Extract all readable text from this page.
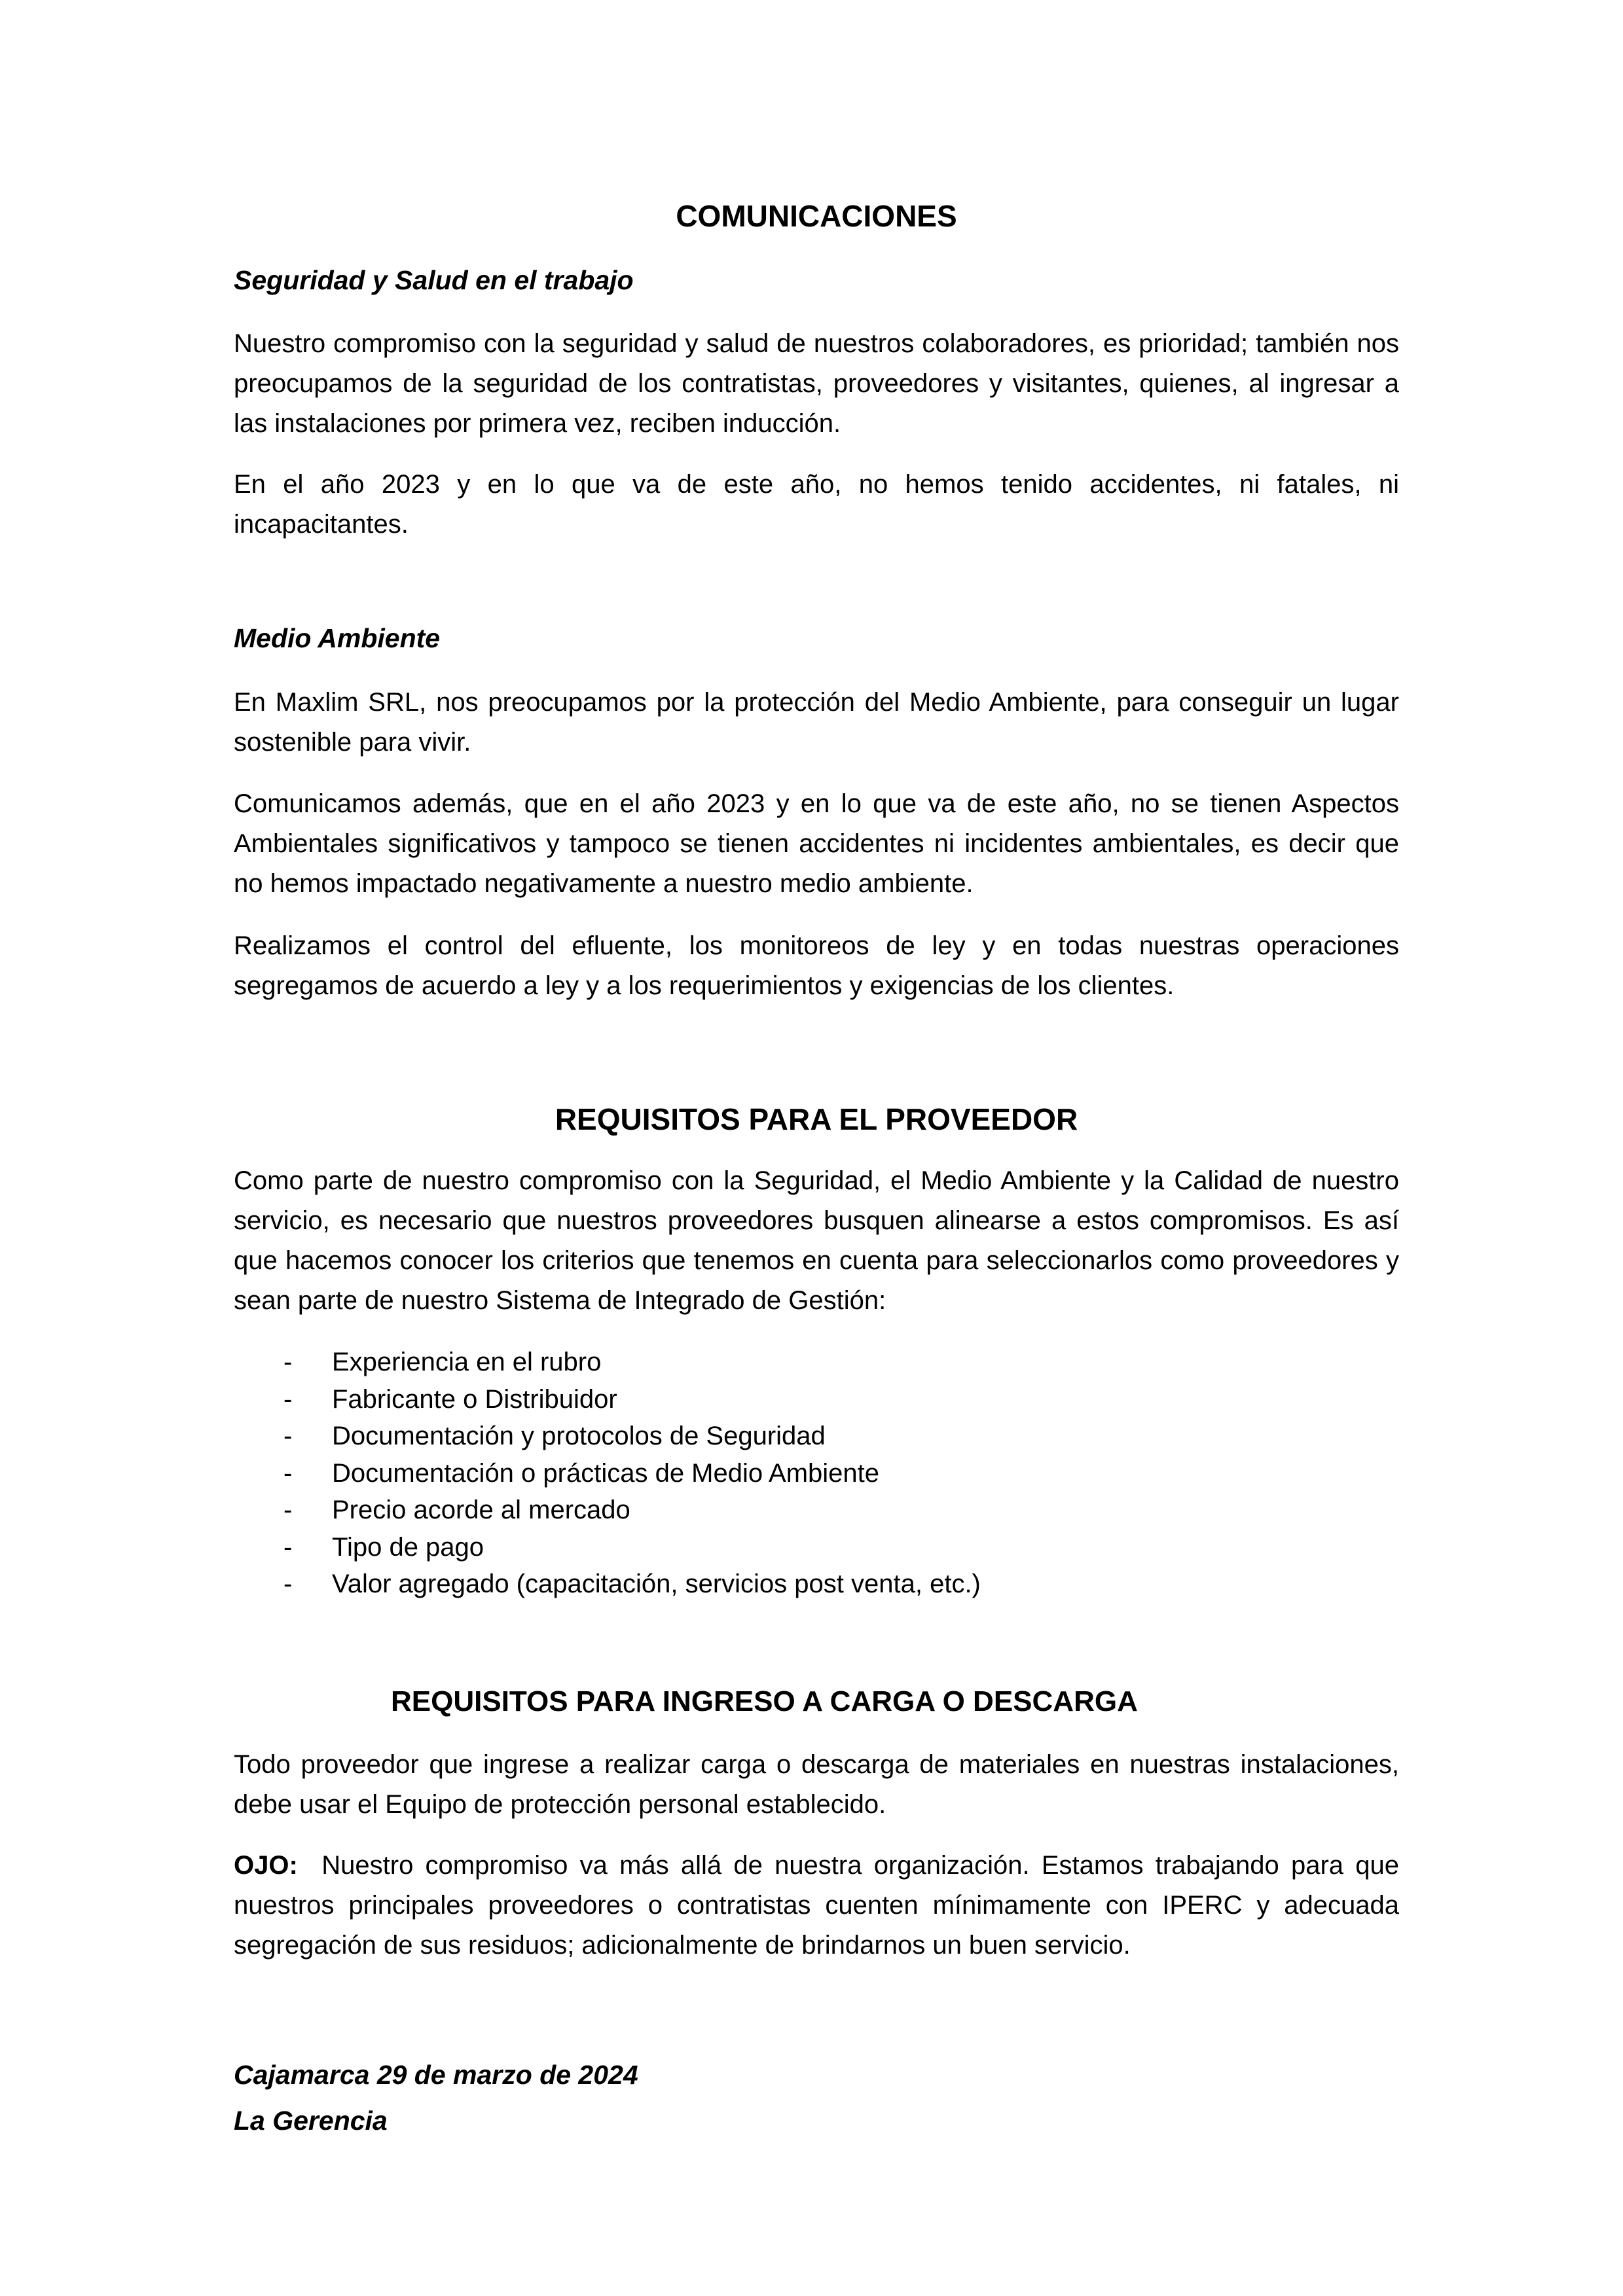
COMUNICACIONES
Seguridad y Salud en el trabajo

Nuestro compromiso con la seguridad y salud de nuestros colaboradores, es prioridad; también nos preocupamos de la seguridad de los contratistas, proveedores y visitantes, quienes, al ingresar a las instalaciones por primera vez, reciben inducción.

En el año 2023 y en lo que va de este año, no hemos tenido accidentes, ni fatales, ni incapacitantes.

Medio Ambiente

En Maxlim SRL, nos preocupamos por la protección del Medio Ambiente, para conseguir un lugar sostenible para vivir.

Comunicamos además, que en el año 2023 y en lo que va de este año, no se tienen Aspectos Ambientales significativos y tampoco se tienen accidentes ni incidentes ambientales, es decir que no hemos impactado negativamente a nuestro medio ambiente.

Realizamos el control del efluente, los monitoreos de ley y en todas nuestras operaciones segregamos de acuerdo a ley y a los requerimientos y exigencias de los clientes.

REQUISITOS PARA EL PROVEEDOR

Como parte de nuestro compromiso con la Seguridad, el Medio Ambiente y la Calidad de nuestro servicio, es necesario que nuestros proveedores busquen alinearse a estos compromisos. Es así que hacemos conocer los criterios que tenemos en cuenta para seleccionarlos como proveedores y sean parte de nuestro Sistema de Integrado de Gestión:

- Experiencia en el rubro
- Fabricante o Distribuidor
- Documentación y protocolos de Seguridad
- Documentación o prácticas de Medio Ambiente
- Precio acorde al mercado
- Tipo de pago
- Valor agregado (capacitación, servicios post venta, etc.)
REQUISITOS PARA INGRESO A CARGA O DESCARGA

Todo proveedor que ingrese a realizar carga o descarga de materiales en nuestras instalaciones, debe usar el Equipo de protección personal establecido.

OJO: Nuestro compromiso va más allá de nuestra organización. Estamos trabajando para que nuestros principales proveedores o contratistas cuenten mínimamente con IPERC y adecuada segregación de sus residuos; adicionalmente de brindarnos un buen servicio.

Cajamarca 29 de marzo de 2024

La Gerencia
